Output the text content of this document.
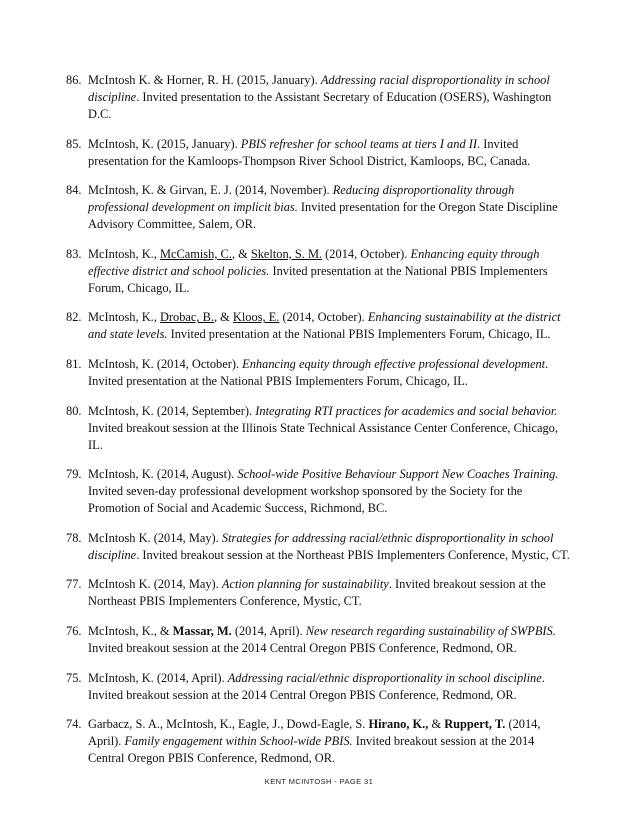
86. McIntosh K. & Horner, R. H. (2015, January). Addressing racial disproportionality in school discipline. Invited presentation to the Assistant Secretary of Education (OSERS), Washington D.C.
85. McIntosh, K. (2015, January). PBIS refresher for school teams at tiers I and II. Invited presentation for the Kamloops-Thompson River School District, Kamloops, BC, Canada.
84. McIntosh, K. & Girvan, E. J. (2014, November). Reducing disproportionality through professional development on implicit bias. Invited presentation for the Oregon State Discipline Advisory Committee, Salem, OR.
83. McIntosh, K., McCamish, C., & Skelton, S. M. (2014, October). Enhancing equity through effective district and school policies. Invited presentation at the National PBIS Implementers Forum, Chicago, IL.
82. McIntosh, K., Drobac, B., & Kloos, E. (2014, October). Enhancing sustainability at the district and state levels. Invited presentation at the National PBIS Implementers Forum, Chicago, IL.
81. McIntosh, K. (2014, October). Enhancing equity through effective professional development. Invited presentation at the National PBIS Implementers Forum, Chicago, IL.
80. McIntosh, K. (2014, September). Integrating RTI practices for academics and social behavior. Invited breakout session at the Illinois State Technical Assistance Center Conference, Chicago, IL.
79. McIntosh, K. (2014, August). School-wide Positive Behaviour Support New Coaches Training. Invited seven-day professional development workshop sponsored by the Society for the Promotion of Social and Academic Success, Richmond, BC.
78. McIntosh K. (2014, May). Strategies for addressing racial/ethnic disproportionality in school discipline. Invited breakout session at the Northeast PBIS Implementers Conference, Mystic, CT.
77. McIntosh K. (2014, May). Action planning for sustainability. Invited breakout session at the Northeast PBIS Implementers Conference, Mystic, CT.
76. McIntosh, K., & Massar, M. (2014, April). New research regarding sustainability of SWPBIS. Invited breakout session at the 2014 Central Oregon PBIS Conference, Redmond, OR.
75. McIntosh, K. (2014, April). Addressing racial/ethnic disproportionality in school discipline. Invited breakout session at the 2014 Central Oregon PBIS Conference, Redmond, OR.
74. Garbacz, S. A., McIntosh, K., Eagle, J., Dowd-Eagle, S. Hirano, K., & Ruppert, T. (2014, April). Family engagement within School-wide PBIS. Invited breakout session at the 2014 Central Oregon PBIS Conference, Redmond, OR.
KENT MCINTOSH - PAGE 31
